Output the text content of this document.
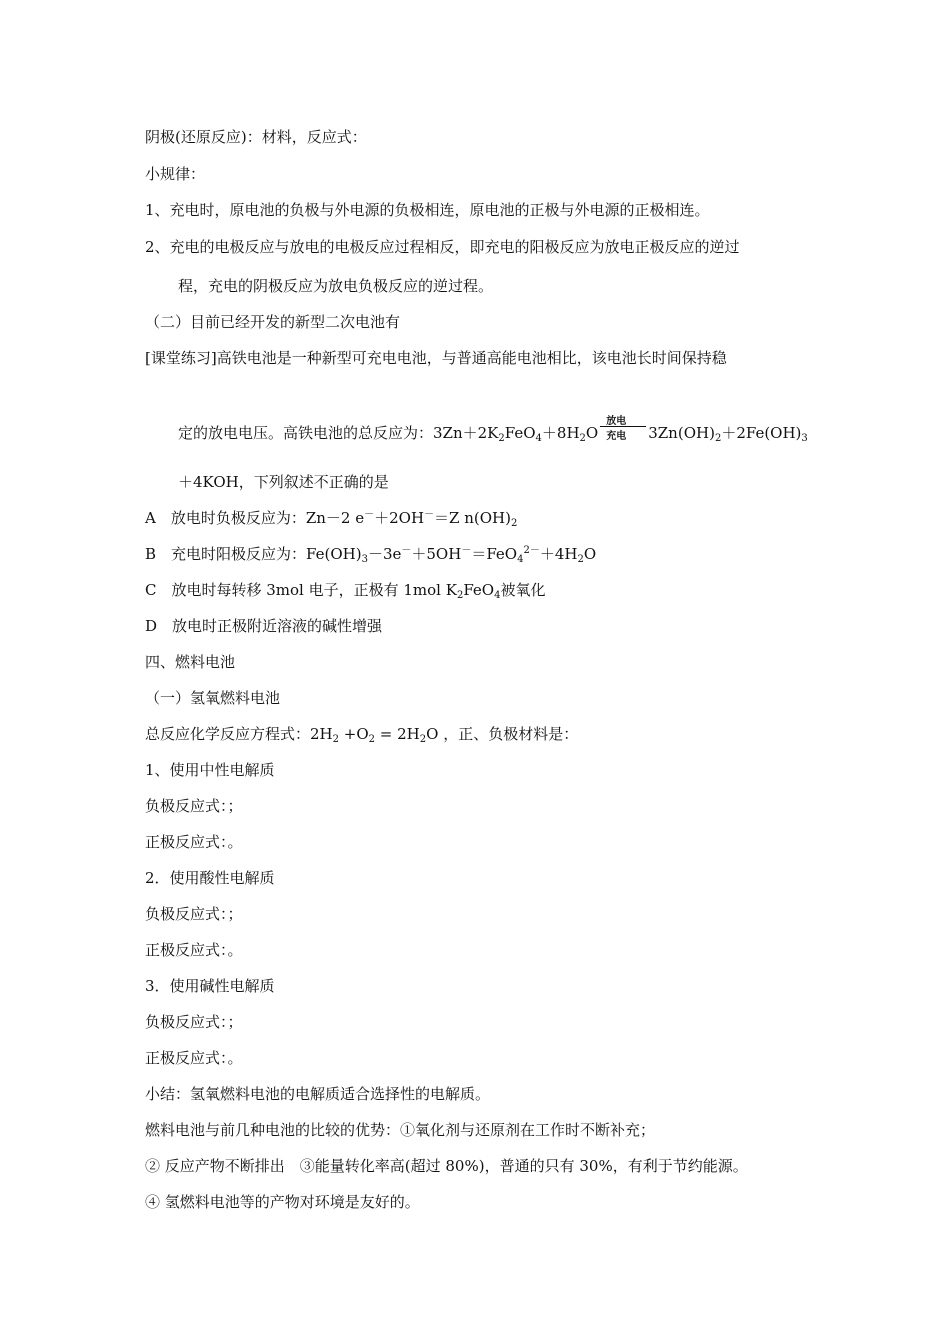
阴极(还原反应)：材料，反应式：
小规律：
1、充电时，原电池的负极与外电源的负极相连，原电池的正极与外电源的正极相连。
2、充电的电极反应与放电的电极反应过程相反，即充电的阳极反应为放电正极反应的逆过
程，充电的阴极反应为放电负极反应的逆过程。
（二）目前已经开发的新型二次电池有
[课堂练习]高铁电池是一种新型可充电电池，与普通高能电池相比，该电池长时间保持稳
定的放电电压。高铁电池的总反应为：$3Zn+2K_2FeO_4+8H_2O$
放电
充电 $3Zn(OH)_2+2Fe(OH)_3$
＋4KOH，下列叙述不正确的是
A　放电时负极反应为：Zn－2 e－＋2OH－＝Z $n(OH)_2$
B　充电时阳极反应为：$Fe(OH)_3-3e^-+5OH^-=FeO_4^{2-}+4H_2O$
C　放电时每转移 3mol 电子，正极有 1mol $K_2FeO_4$被氧化
D　放电时正极附近溶液的碱性增强
四、燃料电池
（一）氢氧燃料电池
总反应化学反应方程式：$2H_2 +O_2 = 2H_2O$ ，正、负极材料是：
1、使用中性电解质
负极反应式：；
正极反应式：。
2．使用酸性电解质
负极反应式：；
正极反应式：。
3．使用碱性电解质
负极反应式：；
正极反应式：。
小结：氢氧燃料电池的电解质适合选择性的电解质。
燃料电池与前几种电池的比较的优势：①氧化剂与还原剂在工作时不断补充；
② 反应产物不断排出　③能量转化率高(超过 80%)，普通的只有 30%，有利于节约能源。
④ 氢燃料电池等的产物对环境是友好的。
